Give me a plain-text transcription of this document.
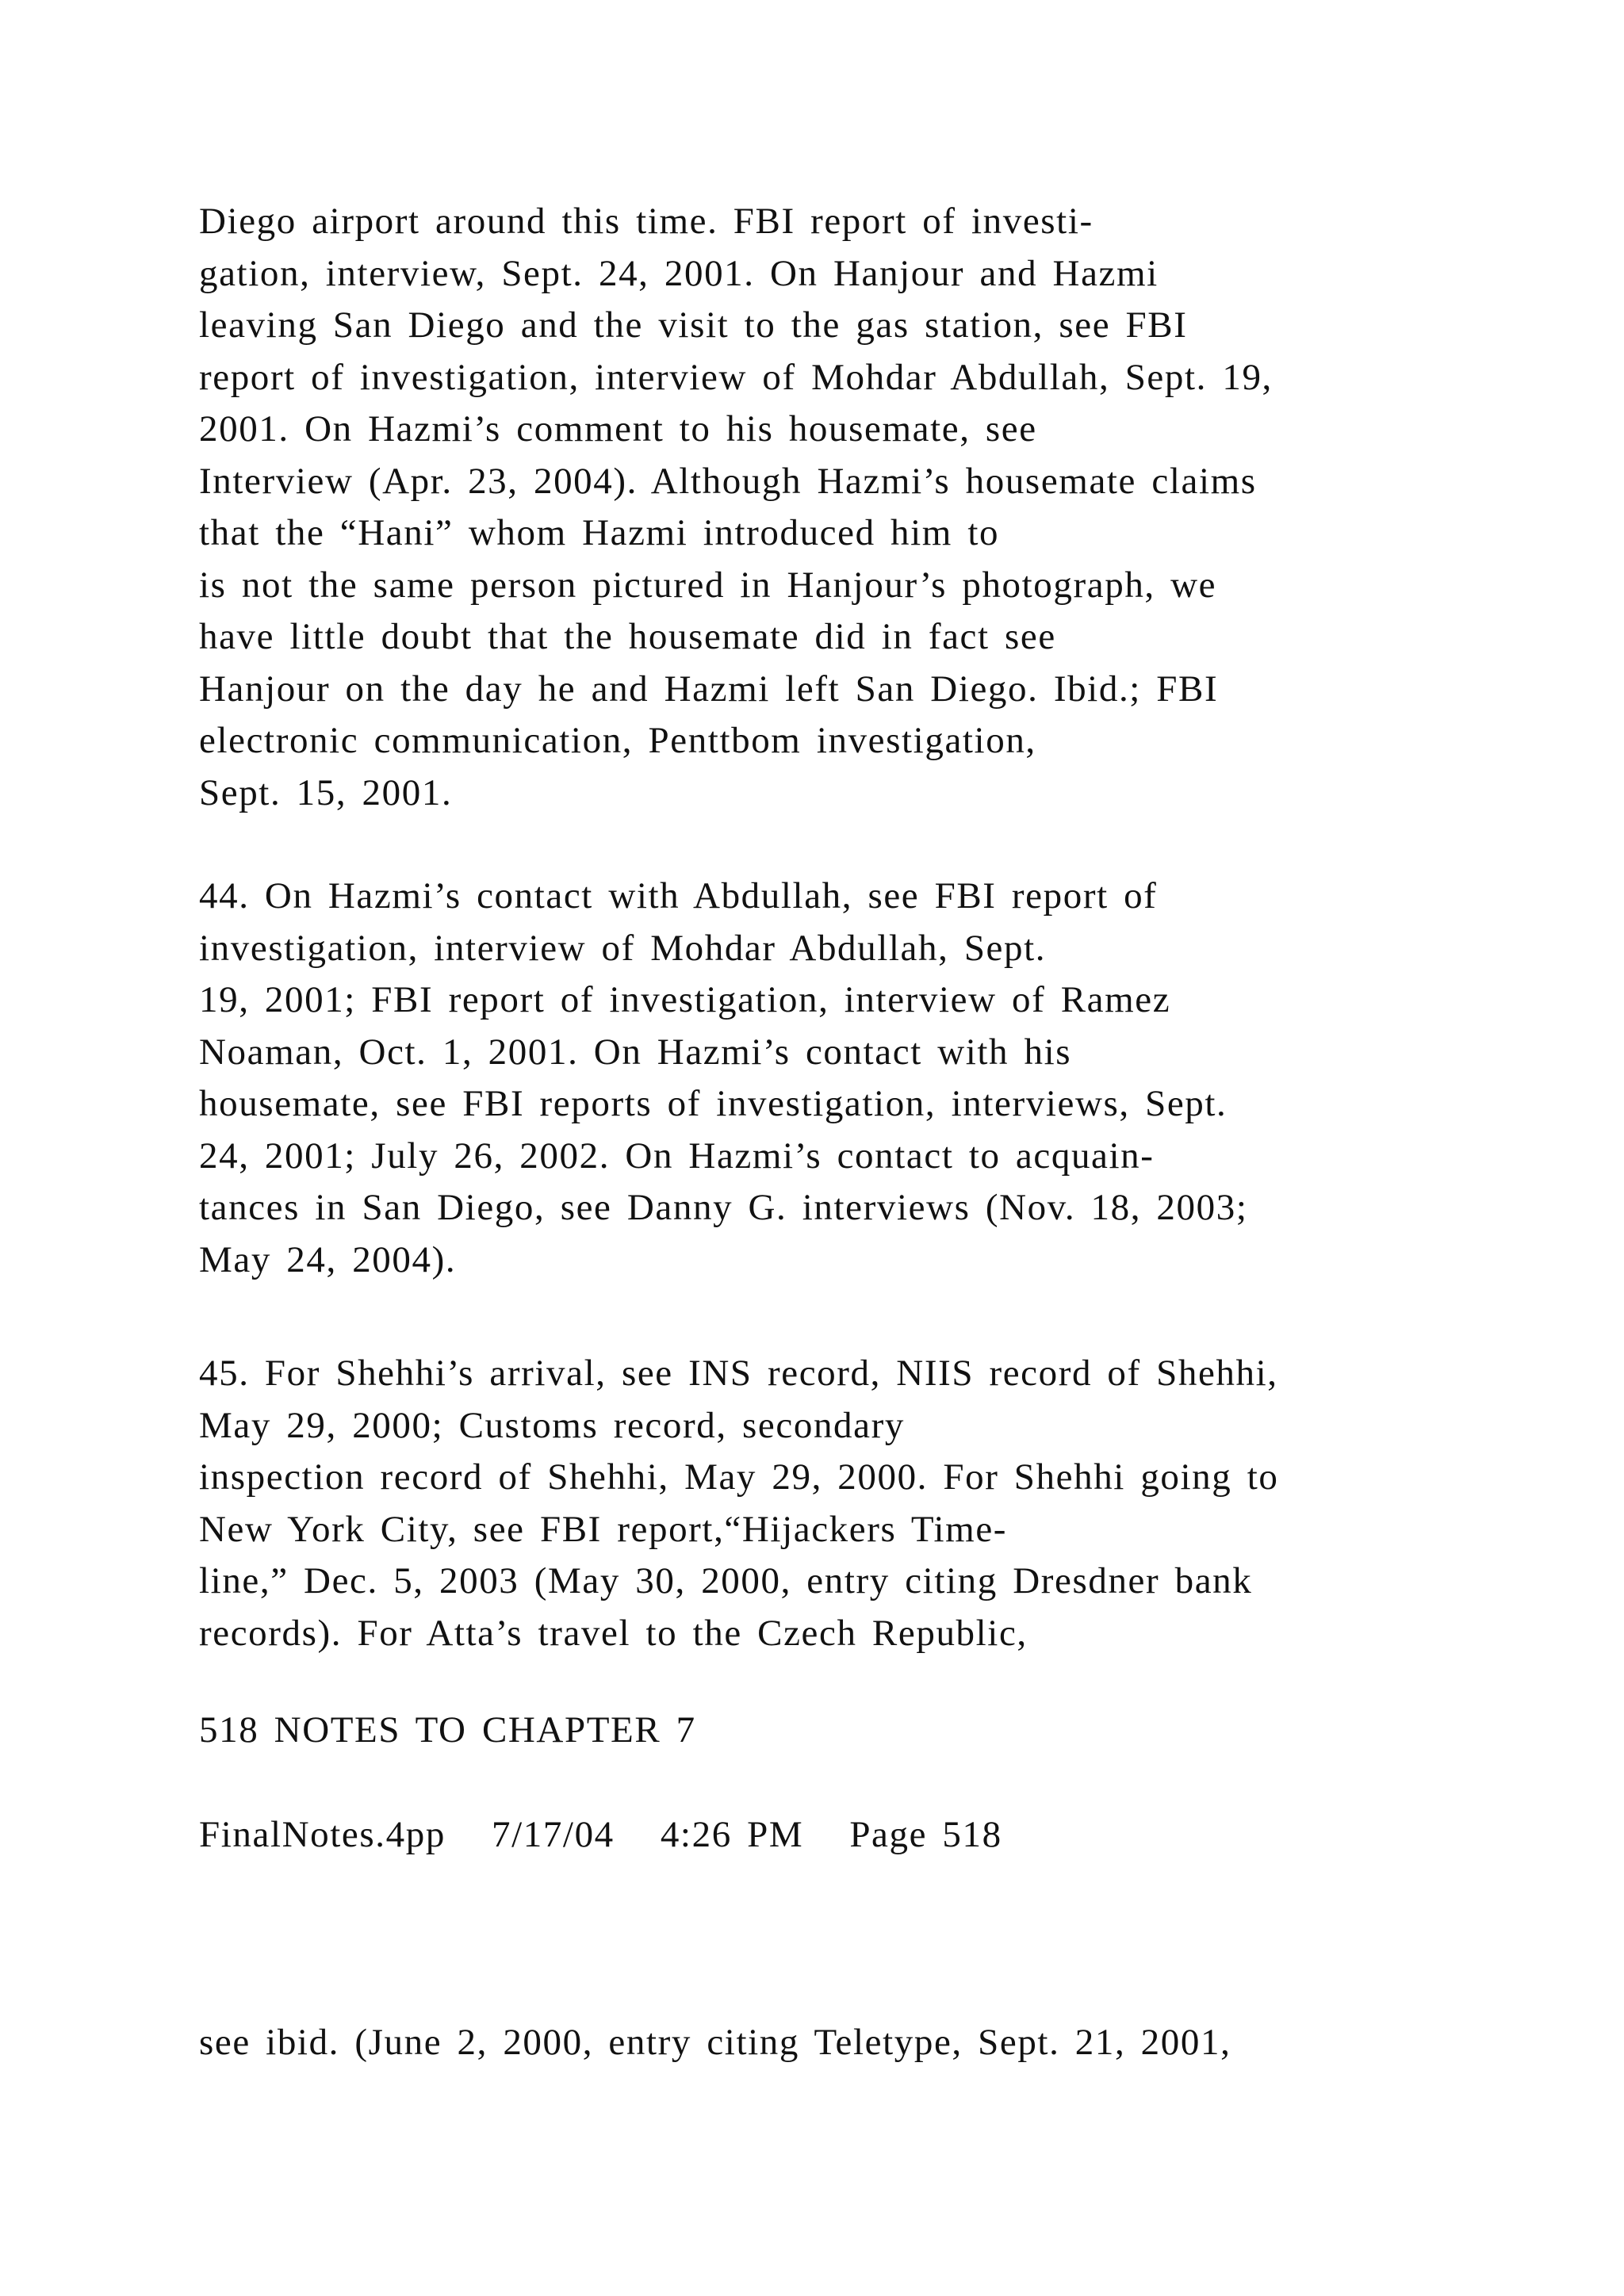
Diego airport around this time. FBI report of investi-
gation, interview, Sept. 24, 2001. On Hanjour and Hazmi
leaving San Diego and the visit to the gas station, see FBI
report of investigation, interview of Mohdar Abdullah, Sept. 19,
2001. On Hazmi’s comment to his housemate, see
Interview (Apr. 23, 2004). Although Hazmi’s housemate claims
that the “Hani” whom Hazmi introduced him to
is not the same person pictured in Hanjour’s photograph, we
have little doubt that the housemate did in fact see
Hanjour on the day he and Hazmi left San Diego. Ibid.; FBI
electronic communication, Penttbom investigation,
Sept. 15, 2001.
44. On Hazmi’s contact with Abdullah, see FBI report of
investigation, interview of Mohdar Abdullah, Sept.
19, 2001; FBI report of investigation, interview of Ramez
Noaman, Oct. 1, 2001. On Hazmi’s contact with his
housemate, see FBI reports of investigation, interviews, Sept.
24, 2001; July 26, 2002. On Hazmi’s contact to acquain-
tances in San Diego, see Danny G. interviews (Nov. 18, 2003;
May 24, 2004).
45. For Shehhi’s arrival, see INS record, NIIS record of Shehhi,
May 29, 2000; Customs record, secondary
inspection record of Shehhi, May 29, 2000. For Shehhi going to
New York City, see FBI report,“Hijackers Time-
line,” Dec. 5, 2003 (May 30, 2000, entry citing Dresdner bank
records). For Atta’s travel to the Czech Republic,
518 NOTES TO CHAPTER 7
FinalNotes.4pp   7/17/04   4:26 PM   Page 518
see ibid. (June 2, 2000, entry citing Teletype, Sept. 21, 2001,
